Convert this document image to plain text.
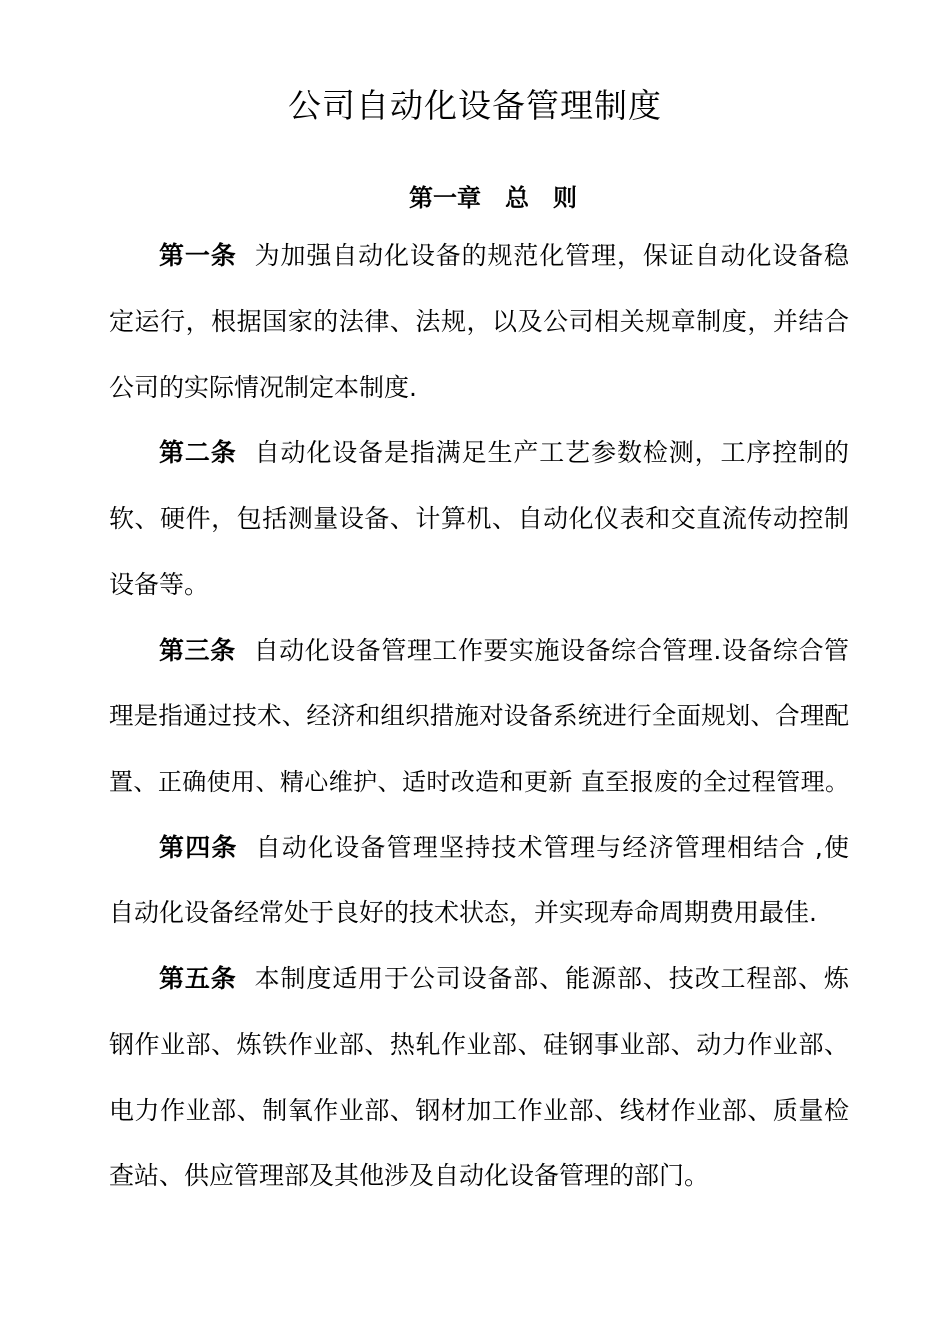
公司自动化设备管理制度
第一章 总 则
第一条 为加强自动化设备的规范化管理，保证自动化设备稳
定运行，根据国家的法律、法规，以及公司相关规章制度，并结合
公司的实际情况制定本制度.
第二条 自动化设备是指满足生产工艺参数检测，工序控制的
软、硬件，包括测量设备、计算机、自动化仪表和交直流传动控制
设备等。
第三条 自动化设备管理工作要实施设备综合管理.设备综合管
理是指通过技术、经济和组织措施对设备系统进行全面规划、合理配
置、正确使用、精心维护、适时改造和更新 直至报废的全过程管理。
第四条 自动化设备管理坚持技术管理与经济管理相结合 ,使
自动化设备经常处于良好的技术状态，并实现寿命周期费用最佳.
第五条 本制度适用于公司设备部、能源部、技改工程部、炼
钢作业部、炼铁作业部、热轧作业部、硅钢事业部、动力作业部、
电力作业部、制氧作业部、钢材加工作业部、线材作业部、质量检
查站、供应管理部及其他涉及自动化设备管理的部门。
